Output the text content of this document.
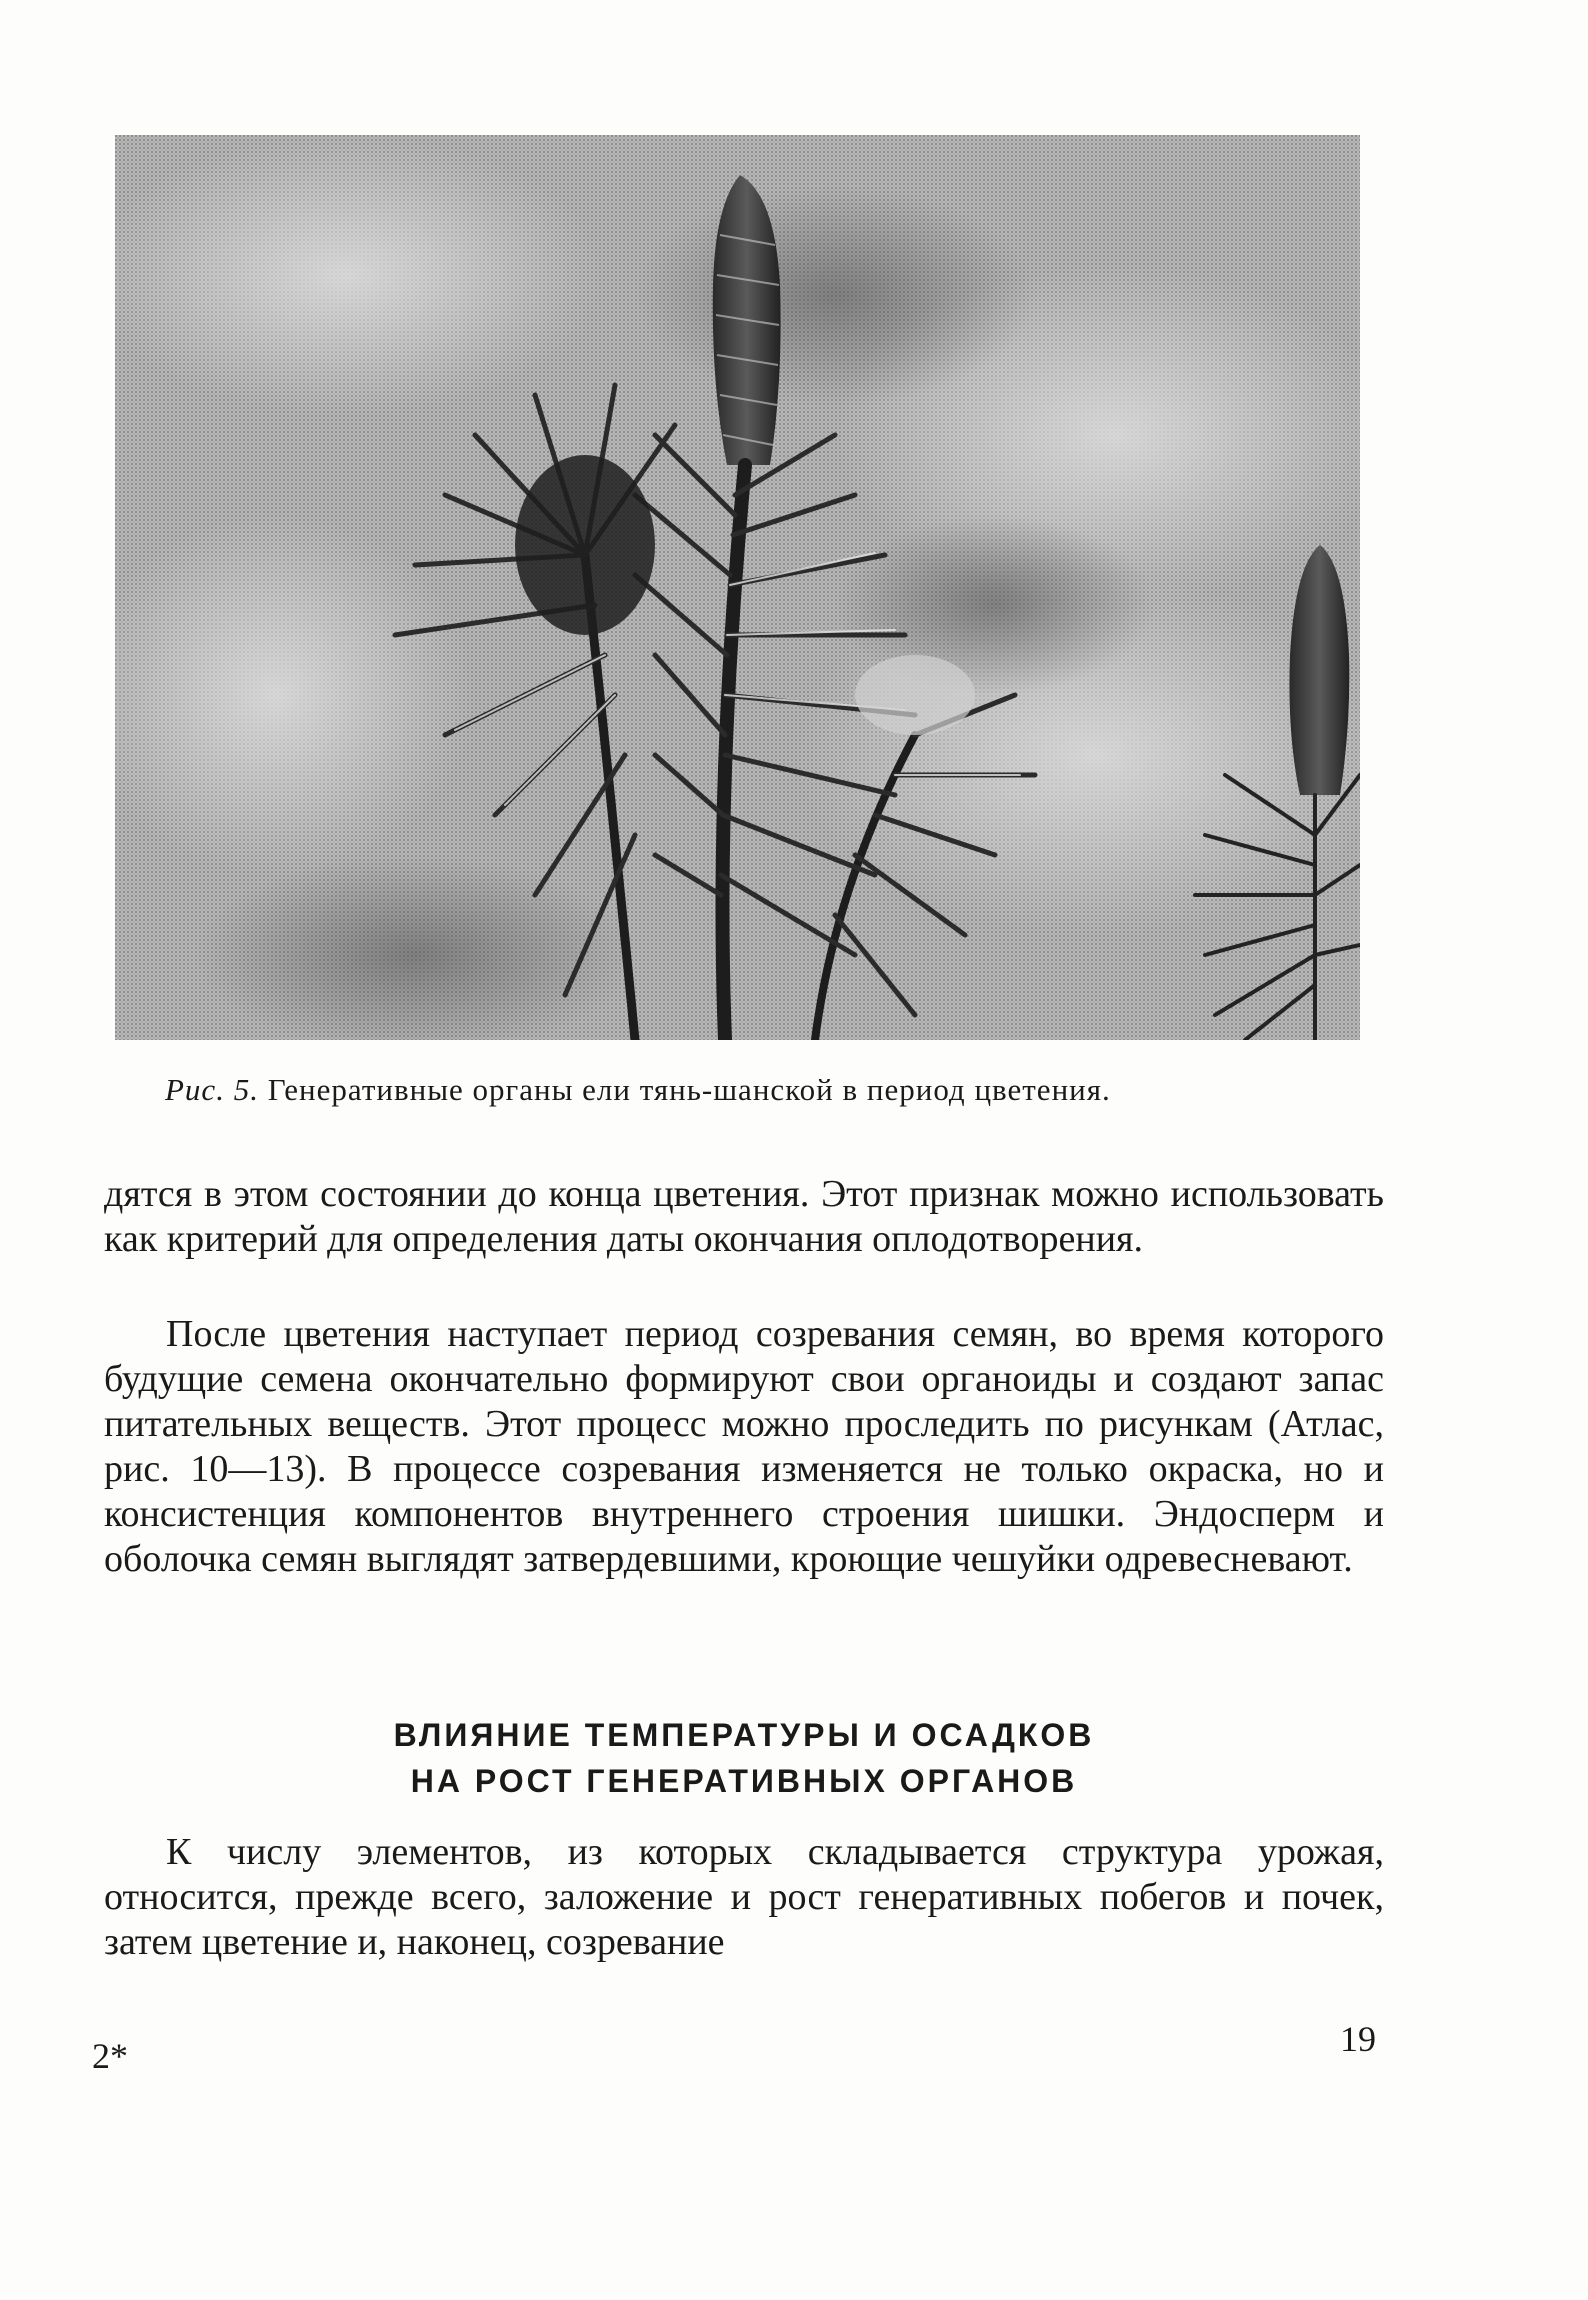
Рис. 5. Генеративные органы ели тянь-шанской в период цветения.

дятся в этом состоянии до конца цветения. Этот признак можно использовать как критерий для определения даты окончания оплодотворения.

После цветения наступает период созревания семян, во время которого будущие семена окончательно формируют свои органоиды и создают запас питательных веществ. Этот процесс можно проследить по рисункам (Атлас, рис. 10—13). В процессе созревания изменяется не только окраска, но и консистенция компонентов внутреннего строения шишки. Эндосперм и оболочка семян выглядят затвердевшими, кроющие чешуйки одревесневают.

ВЛИЯНИЕ ТЕМПЕРАТУРЫ И ОСАДКОВ
НА РОСТ ГЕНЕРАТИВНЫХ ОРГАНОВ

К числу элементов, из которых складывается структура урожая, относится, прежде всего, заложение и рост генеративных побегов и почек, затем цветение и, наконец, созревание

2*	19
